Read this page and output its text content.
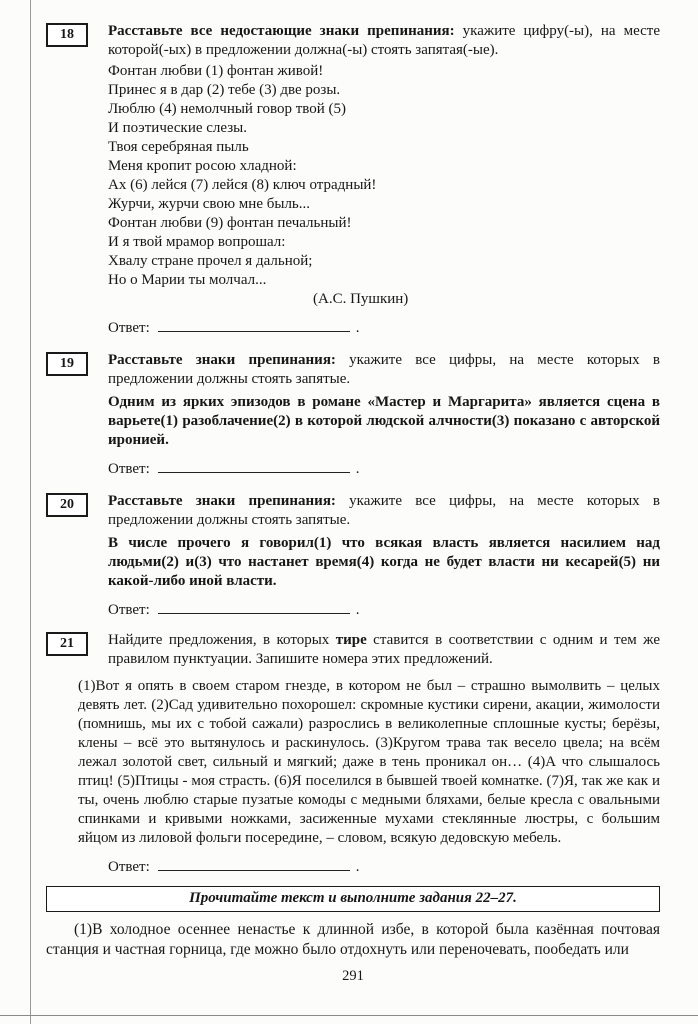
18	Расставьте все недостающие знаки препинания: укажите цифру(-ы), на месте которой(-ых) в предложении должна(-ы) стоять запятая(-ые).

Фонтан любви (1) фонтан живой!
Принес я в дар (2) тебе (3) две розы.
Люблю (4) немолчный говор твой (5)
И поэтические слезы.
Твоя серебряная пыль
Меня кропит росою хладной:
Ах (6) лейся (7) лейся (8) ключ отрадный!
Журчи, журчи свою мне быль...
Фонтан любви (9) фонтан печальный!
И я твой мрамор вопрошал:
Хвалу стране прочел я дальной;
Но о Марии ты молчал...
(А.С. Пушкин)
Ответ:	.
19	Расставьте знаки препинания: укажите все цифры, на месте которых в предложении должны стоять запятые.

Одним из ярких эпизодов в романе «Мастер и Маргарита» является сцена в варьете(1) разоблачение(2) в которой людской алчности(3) показано с авторской иронией.

Ответ:	.
20	Расставьте знаки препинания: укажите все цифры, на месте которых в предложении должны стоять запятые.

В числе прочего я говорил(1) что всякая власть является насилием над людьми(2) и(3) что настанет время(4) когда не будет власти ни кесарей(5) ни какой-либо иной власти.

Ответ:	.
21	Найдите предложения, в которых тире ставится в соответствии с одним и тем же правилом пунктуации. Запишите номера этих предложений.

(1)Вот я опять в своем старом гнезде, в котором не был – страшно вымолвить – целых девять лет. (2)Сад удивительно похорошел: скромные кустики сирени, акации, жимолости (помнишь, мы их с тобой сажали) разрослись в великолепные сплошные кусты; берёзы, клены – всё это вытянулось и раскинулось. (3)Кругом трава так весело цвела; на всём лежал золотой свет, сильный и мягкий; даже в тень проникал он… (4)А что слышалось птиц! (5)Птицы - моя страсть. (6)Я поселился в бывшей твоей комнатке. (7)Я, так же как и ты, очень люблю старые пузатые комоды с медными бляхами, белые кресла с овальными спинками и кривыми ножками, засиженные мухами стеклянные люстры, с большим яйцом из лиловой фольги посередине, – словом, всякую дедовскую мебель.

Ответ:	.
Прочитайте текст и выполните задания 22–27.

(1)В холодное осеннее ненастье к длинной избе, в которой была казённая почтовая станция и частная горница, где можно было отдохнуть или переночевать, пообедать или

291
